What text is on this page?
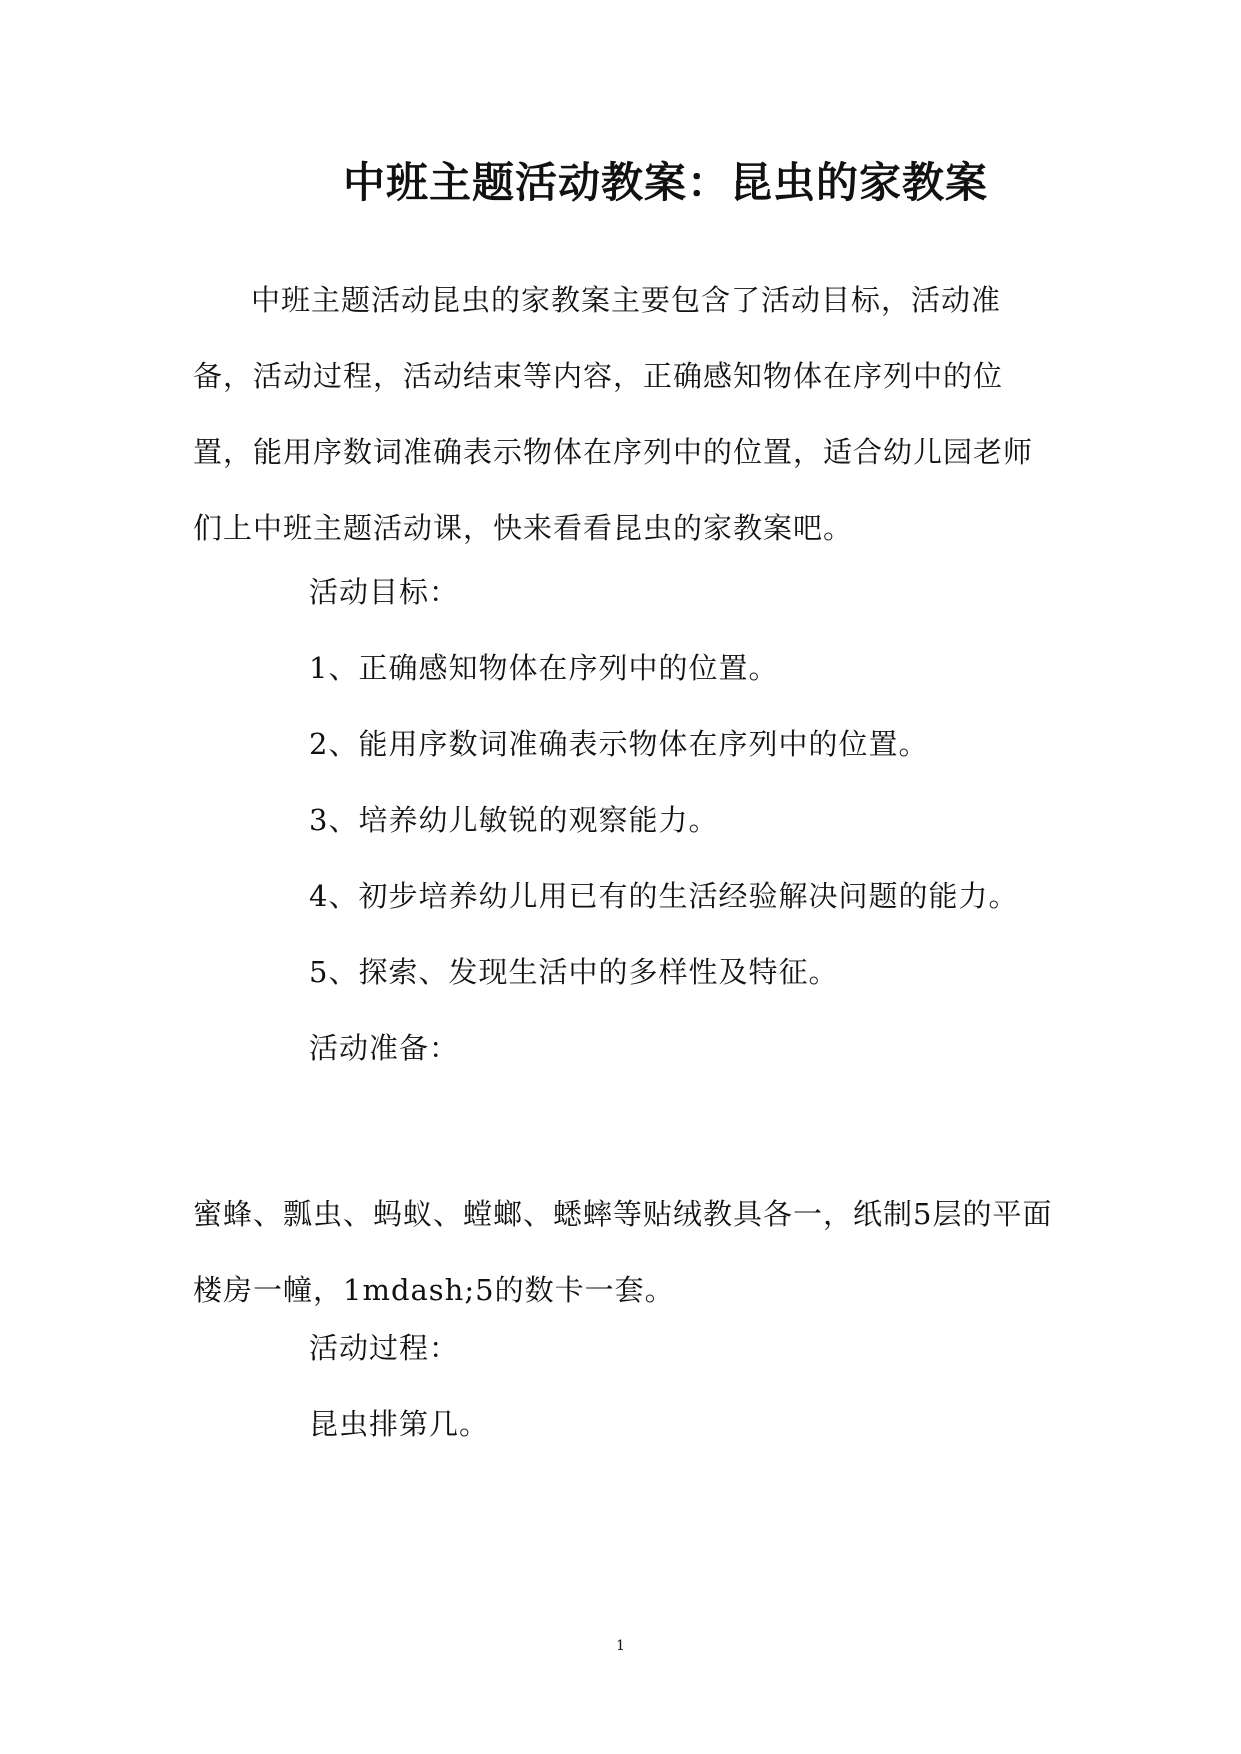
中班主题活动教案：昆虫的家教案

中班主题活动昆虫的家教案主要包含了活动目标，活动准备，活动过程，活动结束等内容，正确感知物体在序列中的位置，能用序数词准确表示物体在序列中的位置，适合幼儿园老师们上中班主题活动课，快来看看昆虫的家教案吧。

活动目标：

1、正确感知物体在序列中的位置。

2、能用序数词准确表示物体在序列中的位置。

3、培养幼儿敏锐的观察能力。

4、初步培养幼儿用已有的生活经验解决问题的能力。

5、探索、发现生活中的多样性及特征。

活动准备：

蜜蜂、瓢虫、蚂蚁、螳螂、蟋蟀等贴绒教具各一，纸制5层的平面楼房一幢，1mdash;5的数卡一套。

活动过程：

昆虫排第几。

1
